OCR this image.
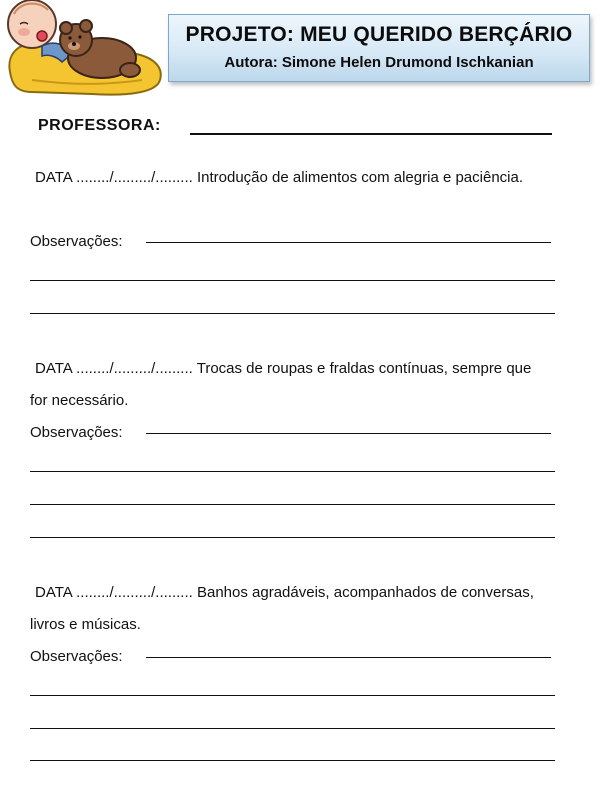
PROJETO: MEU QUERIDO BERÇÁRIO
Autora: Simone Helen Drumond Ischkanian
PROFESSORA:

DATA ......../........./......... Introdução de alimentos com alegria e paciência.

Observações:

DATA ......../........./......... Trocas de roupas e fraldas contínuas, sempre que for necessário.

Observações:

DATA ......../........./......... Banhos agradáveis, acompanhados de conversas, livros e músicas.

Observações:
